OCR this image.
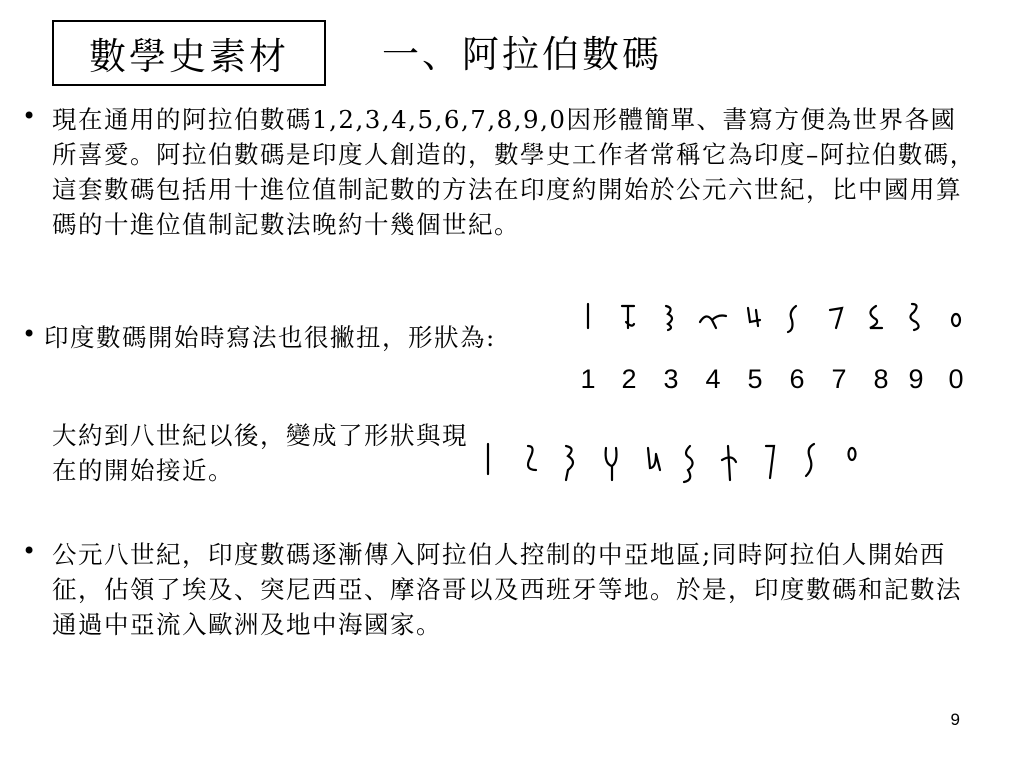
數學史素材	一、阿拉伯數碼
• 現在通用的阿拉伯數碼1,2,3,4,5,6,7,8,9,0因形體簡單、書寫方便為世界各國所喜愛。阿拉伯數碼是印度人創造的，數學史工作者常稱它為印度–阿拉伯數碼，這套數碼包括用十進位值制記數的方法在印度約開始於公元六世紀，比中國用算碼的十進位值制記數法晚約十幾個世紀。
• 印度數碼開始時寫法也很撇扭，形狀為:
1 2 3 4 5 6 7 8 9 0
大約到八世紀以後，變成了形狀與現在的開始接近。
• 公元八世紀，印度數碼逐漸傳入阿拉伯人控制的中亞地區;同時阿拉伯人開始西征，佔領了埃及、突尼西亞、摩洛哥以及西班牙等地。於是，印度數碼和記數法通過中亞流入歐洲及地中海國家。
9
